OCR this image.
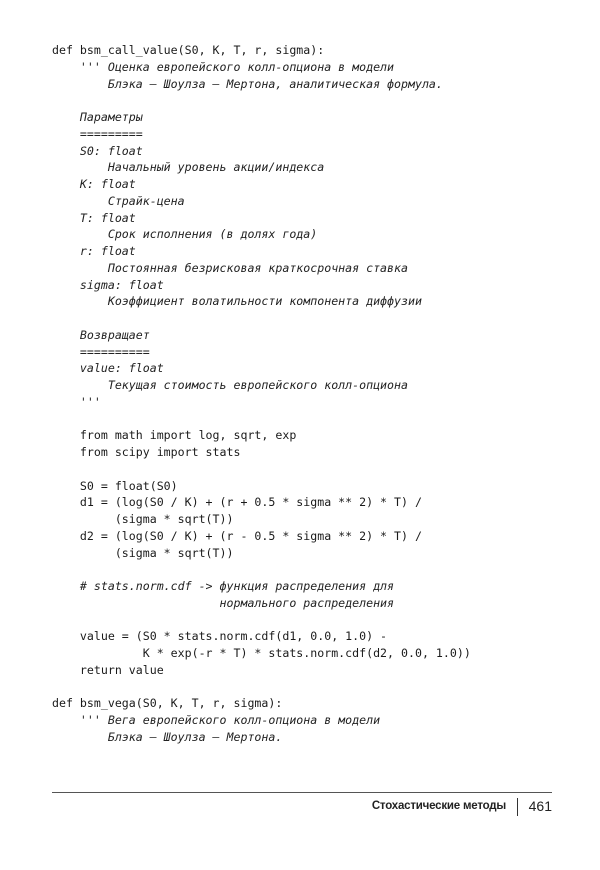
def bsm_call_value(S0, K, T, r, sigma):
''' Оценка европейского колл-опциона в модели
Блэка – Шоулза – Мертона, аналитическая формула.
Параметры
=========
S0: float
Начальный уровень акции/индекса
K: float
Страйк-цена
T: float
Срок исполнения (в долях года)
r: float
Постоянная безрисковая краткосрочная ставка
sigma: float
Коэффициент волатильности компонента диффузии
Возвращает
==========
value: float
Текущая стоимость европейского колл-опциона
'''
from math import log, sqrt, exp
from scipy import stats
S0 = float(S0)
d1 = (log(S0 / K) + (r + 0.5 * sigma ** 2) * T) /
(sigma * sqrt(T))
d2 = (log(S0 / K) + (r - 0.5 * sigma ** 2) * T) /
(sigma * sqrt(T))
# stats.norm.cdf -> функция распределения для
нормального распределения
value = (S0 * stats.norm.cdf(d1, 0.0, 1.0) -
K * exp(-r * T) * stats.norm.cdf(d2, 0.0, 1.0))
return value
def bsm_vega(S0, K, T, r, sigma):
''' Вега европейского колл-опциона в модели
Блэка – Шоулза – Мертона.
Стохастические методы 461
